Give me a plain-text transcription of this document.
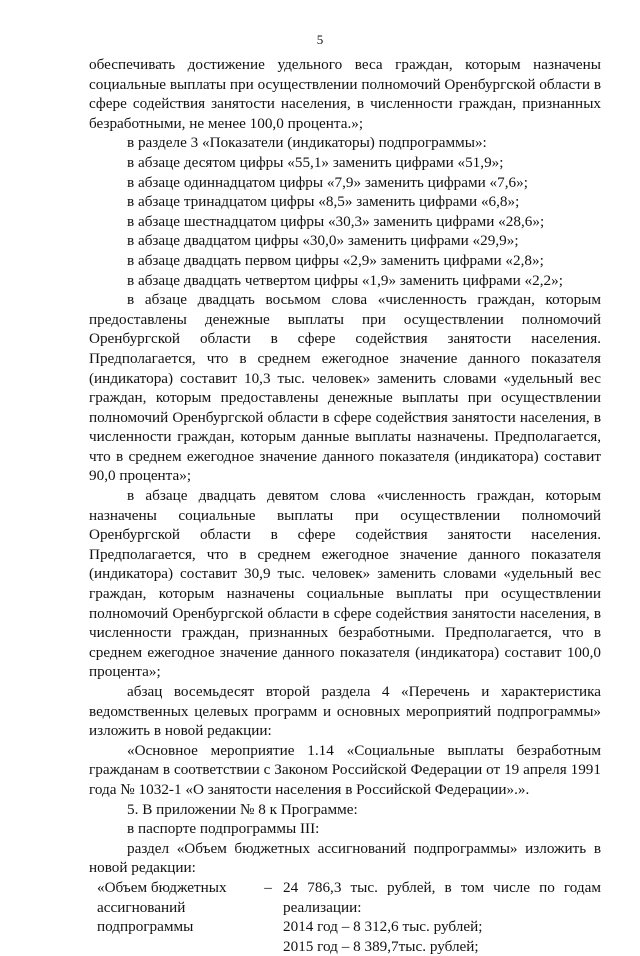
5

обеспечивать достижение удельного веса граждан, которым назначены социальные выплаты при осуществлении полномочий Оренбургской области в сфере содействия занятости населения, в численности граждан, признанных безработными, не менее 100,0 процента.»;

в разделе 3 «Показатели (индикаторы) подпрограммы»:

в абзаце десятом цифры «55,1» заменить цифрами «51,9»;

в абзаце одиннадцатом цифры «7,9» заменить цифрами «7,6»;

в абзаце тринадцатом цифры «8,5» заменить цифрами «6,8»;

в абзаце шестнадцатом цифры «30,3» заменить цифрами «28,6»;

в абзаце двадцатом цифры «30,0» заменить цифрами «29,9»;

в абзаце двадцать первом цифры «2,9» заменить цифрами «2,8»;

в абзаце двадцать четвертом цифры «1,9» заменить цифрами «2,2»;

в абзаце двадцать восьмом слова «численность граждан, которым предоставлены денежные выплаты при осуществлении полномочий Оренбургской области в сфере содействия занятости населения. Предполагается, что в среднем ежегодное значение данного показателя (индикатора) составит 10,3 тыс. человек» заменить словами «удельный вес граждан, которым предоставлены денежные выплаты при осуществлении полномочий Оренбургской области в сфере содействия занятости населения, в численности граждан, которым данные выплаты назначены. Предполагается, что в среднем ежегодное значение данного показателя (индикатора) составит 90,0 процента»;

в абзаце двадцать девятом слова «численность граждан, которым назначены социальные выплаты при осуществлении полномочий Оренбургской области в сфере содействия занятости населения. Предполагается, что в среднем ежегодное значение данного показателя (индикатора) составит 30,9 тыс. человек» заменить словами «удельный вес граждан, которым назначены социальные выплаты при осуществлении полномочий Оренбургской области в сфере содействия занятости населения, в численности граждан, признанных безработными. Предполагается, что в среднем ежегодное значение данного показателя (индикатора) составит 100,0 процента»;

абзац восемьдесят второй раздела 4 «Перечень и характеристика ведомственных целевых программ и основных мероприятий подпрограммы» изложить в новой редакции:

«Основное мероприятие 1.14 «Социальные выплаты безработным гражданам в соответствии с Законом Российской Федерации от 19 апреля 1991 года № 1032-1 «О занятости населения в Российской Федерации».».

5. В приложении № 8 к Программе:

в паспорте подпрограммы III:

раздел «Объем бюджетных ассигнований подпрограммы» изложить в новой редакции:

«Объем бюджетных
ассигнований
подпрограммы
– 24 786,3 тыс. рублей, в том числе по годам реализации:
2014 год – 8 312,6 тыс. рублей;
2015 год – 8 389,7тыс. рублей;
